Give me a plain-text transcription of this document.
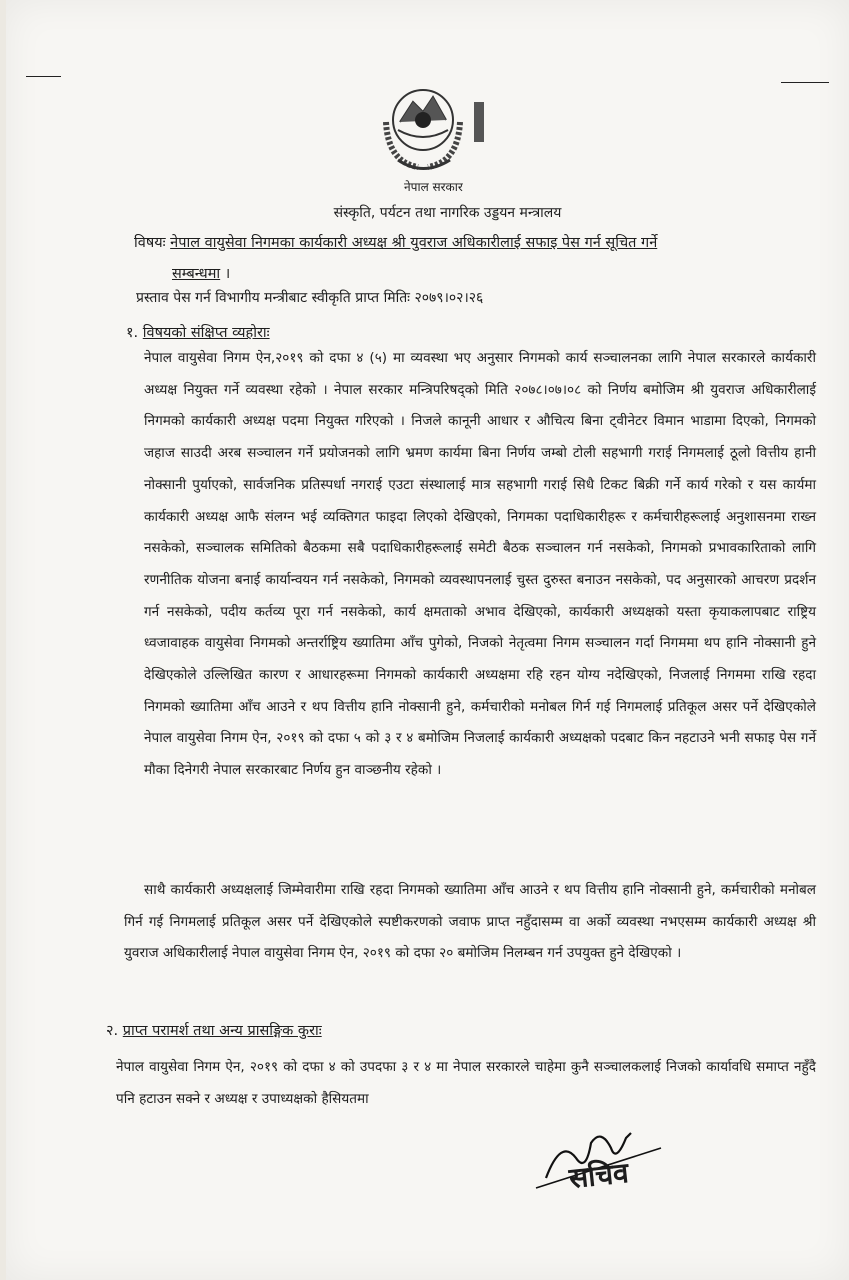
नेपाल सरकार
संस्कृति, पर्यटन तथा नागरिक उड्डयन मन्त्रालय
विषयः नेपाल वायुसेवा निगमका कार्यकारी अध्यक्ष श्री युवराज अधिकारीलाई सफाइ पेस गर्न सूचित गर्ने
सम्बन्धमा ।
प्रस्ताव पेस गर्न विभागीय मन्त्रीबाट स्वीकृति प्राप्त मितिः २०७९।०२।२६
१. विषयको संक्षिप्त व्यहोराः
नेपाल वायुसेवा निगम ऐन,२०१९ को दफा ४ (५) मा व्यवस्था भए अनुसार निगमको कार्य सञ्चालनका लागि नेपाल सरकारले कार्यकारी अध्यक्ष नियुक्त गर्ने व्यवस्था रहेको । नेपाल सरकार मन्त्रिपरिषद्को मिति २०७८।०७।०८ को निर्णय बमोजिम श्री युवराज अधिकारीलाई निगमको कार्यकारी अध्यक्ष पदमा नियुक्त गरिएको । निजले कानूनी आधार र औचित्य बिना ट्वीनेटर विमान भाडामा दिएको, निगमको जहाज साउदी अरब सञ्चालन गर्ने प्रयोजनको लागि भ्रमण कार्यमा बिना निर्णय जम्बो टोली सहभागी गराई निगमलाई ठूलो वित्तीय हानी नोक्सानी पुर्याएको, सार्वजनिक प्रतिस्पर्धा नगराई एउटा संस्थालाई मात्र सहभागी गराई सिधै टिकट बिक्री गर्ने कार्य गरेको र यस कार्यमा कार्यकारी अध्यक्ष आफै संलग्न भई व्यक्तिगत फाइदा लिएको देखिएको, निगमका पदाधिकारीहरू र कर्मचारीहरूलाई अनुशासनमा राख्न नसकेको, सञ्चालक समितिको बैठकमा सबै पदाधिकारीहरूलाई समेटी बैठक सञ्चालन गर्न नसकेको, निगमको प्रभावकारिताको लागि रणनीतिक योजना बनाई कार्यान्वयन गर्न नसकेको, निगमको व्यवस्थापनलाई चुस्त दुरुस्त बनाउन नसकेको, पद अनुसारको आचरण प्रदर्शन गर्न नसकेको, पदीय कर्तव्य पूरा गर्न नसकेको, कार्य क्षमताको अभाव देखिएको, कार्यकारी अध्यक्षको यस्ता कृयाकलापबाट राष्ट्रिय ध्वजावाहक वायुसेवा निगमको अन्तर्राष्ट्रिय ख्यातिमा आँच पुगेको, निजको नेतृत्वमा निगम सञ्चालन गर्दा निगममा थप हानि नोक्सानी हुने देखिएकोले उल्लिखित कारण र आधारहरूमा निगमको कार्यकारी अध्यक्षमा रहि रहन योग्य नदेखिएको, निजलाई निगममा राखि रहदा निगमको ख्यातिमा आँच आउने र थप वित्तीय हानि नोक्सानी हुने, कर्मचारीको मनोबल गिर्न गई निगमलाई प्रतिकूल असर पर्ने देखिएकोले नेपाल वायुसेवा निगम ऐन, २०१९ को दफा ५ को ३ र ४ बमोजिम निजलाई कार्यकारी अध्यक्षको पदबाट किन नहटाउने भनी सफाइ पेस गर्ने मौका दिनेगरी नेपाल सरकारबाट निर्णय हुन वाञ्छनीय रहेको ।
साथै कार्यकारी अध्यक्षलाई जिम्मेवारीमा राखि रहदा निगमको ख्यातिमा आँच आउने र थप वित्तीय हानि नोक्सानी हुने, कर्मचारीको मनोबल गिर्न गई निगमलाई प्रतिकूल असर पर्ने देखिएकोले स्पष्टीकरणको जवाफ प्राप्त नहुँदासम्म वा अर्को व्यवस्था नभएसम्म कार्यकारी अध्यक्ष श्री युवराज अधिकारीलाई नेपाल वायुसेवा निगम ऐन, २०१९ को दफा २० बमोजिम निलम्बन गर्न उपयुक्त हुने देखिएको ।
२. प्राप्त परामर्श तथा अन्य प्रासङ्गिक कुराः
नेपाल वायुसेवा निगम ऐन, २०१९ को दफा ४ को उपदफा ३ र ४ मा नेपाल सरकारले चाहेमा कुनै सञ्चालकलाई निजको कार्यावधि समाप्त नहुँदै पनि हटाउन सक्ने र अध्यक्ष र उपाध्यक्षको हैसियतमा
सचिव
